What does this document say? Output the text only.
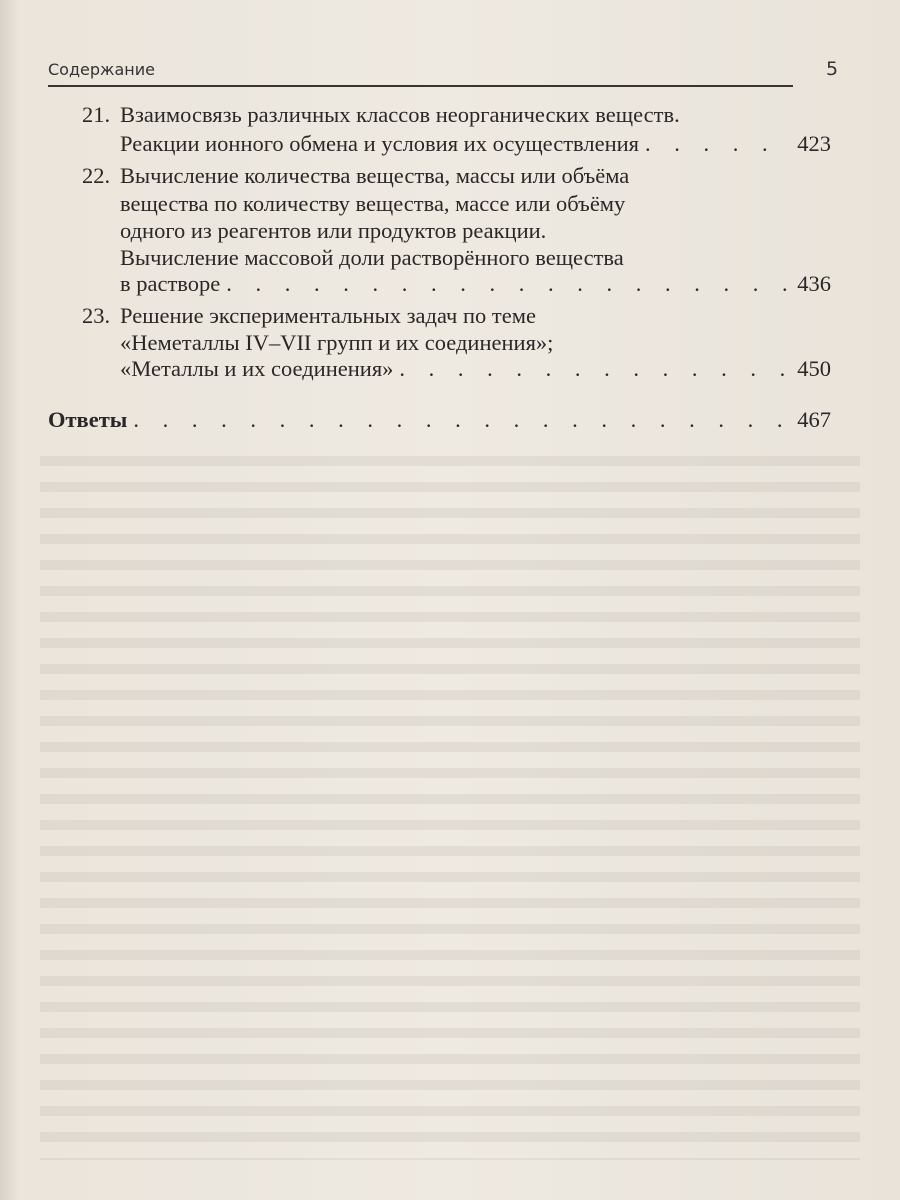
Содержание	5
21. Взаимосвязь различных классов неорганических веществ.
Реакции ионного обмена и условия их осуществления . . .	423
22. Вычисление количества вещества, массы или объёма
вещества по количеству вещества, массе или объёму
одного из реагентов или продуктов реакции.
Вычисление массовой доли растворённого вещества
в растворе . . .	436
23. Решение экспериментальных задач по теме
«Неметаллы IV–VII групп и их соединения»;
«Металлы и их соединения» . . .	450
Ответы . . .	467
